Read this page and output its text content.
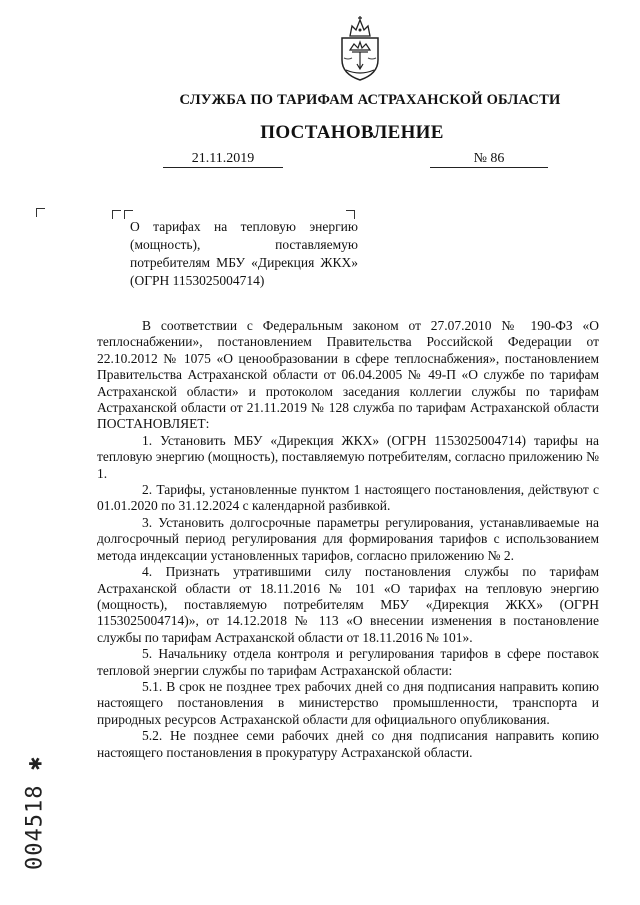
СЛУЖБА ПО ТАРИФАМ АСТРАХАНСКОЙ ОБЛАСТИ
ПОСТАНОВЛЕНИЕ
21.11.2019	№ 86
О тарифах на тепловую энергию (мощность), поставляемую потребителям МБУ «Дирекция ЖКХ» (ОГРН 1153025004714)

В соответствии с Федеральным законом от 27.07.2010 № 190-ФЗ «О теплоснабжении», постановлением Правительства Российской Федерации от 22.10.2012 № 1075 «О ценообразовании в сфере теплоснабжения», постановлением Правительства Астраханской области от 06.04.2005 № 49-П «О службе по тарифам Астраханской области» и протоколом заседания коллегии службы по тарифам Астраханской области от 21.11.2019 № 128 служба по тарифам Астраханской области ПОСТАНОВЛЯЕТ:

1. Установить МБУ «Дирекция ЖКХ» (ОГРН 1153025004714) тарифы на тепловую энергию (мощность), поставляемую потребителям, согласно приложению № 1.

2. Тарифы, установленные пунктом 1 настоящего постановления, действуют с 01.01.2020 по 31.12.2024 с календарной разбивкой.

3. Установить долгосрочные параметры регулирования, устанавливаемые на долгосрочный период регулирования для формирования тарифов с использованием метода индексации установленных тарифов, согласно приложению № 2.

4. Признать утратившими силу постановления службы по тарифам Астраханской области от 18.11.2016 № 101 «О тарифах на тепловую энергию (мощность), поставляемую потребителям МБУ «Дирекция ЖКХ» (ОГРН 1153025004714)», от 14.12.2018 № 113 «О внесении изменения в постановление службы по тарифам Астраханской области от 18.11.2016 № 101».

5. Начальнику отдела контроля и регулирования тарифов в сфере поставок тепловой энергии службы по тарифам Астраханской области:

5.1. В срок не позднее трех рабочих дней со дня подписания направить копию настоящего постановления в министерство промышленности, транспорта и природных ресурсов Астраханской области для официального опубликования.

5.2. Не позднее семи рабочих дней со дня подписания направить копию настоящего постановления в прокуратуру Астраханской области.

004518 ✱
